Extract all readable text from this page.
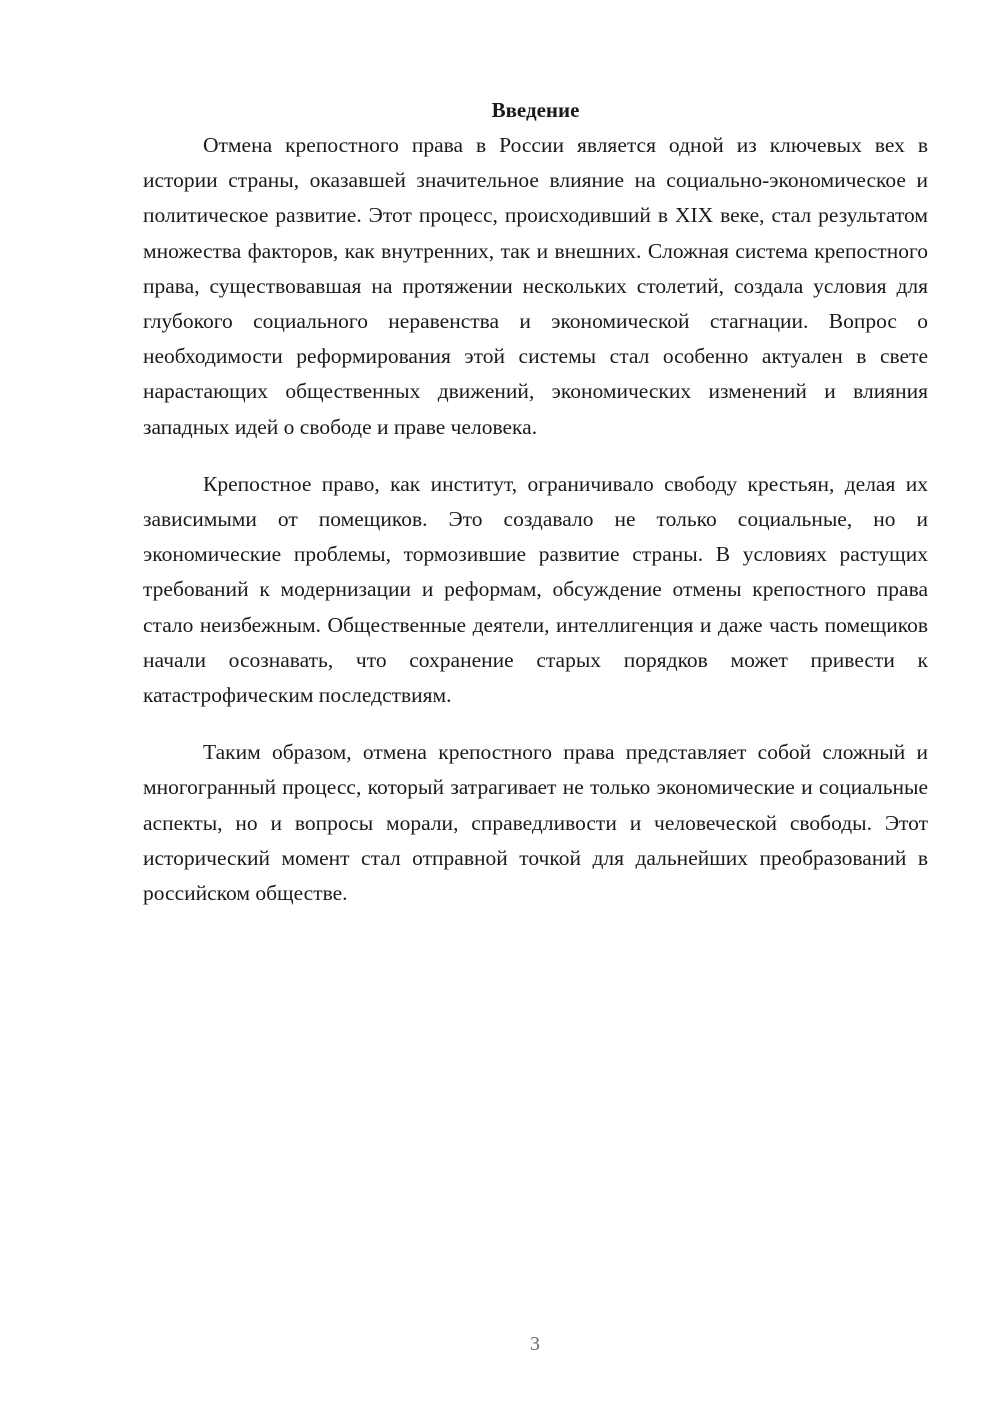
Введение

Отмена крепостного права в России является одной из ключевых вех в истории страны, оказавшей значительное влияние на социально-экономическое и политическое развитие. Этот процесс, происходивший в XIX веке, стал результатом множества факторов, как внутренних, так и внешних. Сложная система крепостного права, существовавшая на протяжении нескольких столетий, создала условия для глубокого социального неравенства и экономической стагнации. Вопрос о необходимости реформирования этой системы стал особенно актуален в свете нарастающих общественных движений, экономических изменений и влияния западных идей о свободе и праве человека.

Крепостное право, как институт, ограничивало свободу крестьян, делая их зависимыми от помещиков. Это создавало не только социальные, но и экономические проблемы, тормозившие развитие страны. В условиях растущих требований к модернизации и реформам, обсуждение отмены крепостного права стало неизбежным. Общественные деятели, интеллигенция и даже часть помещиков начали осознавать, что сохранение старых порядков может привести к катастрофическим последствиям.

Таким образом, отмена крепостного права представляет собой сложный и многогранный процесс, который затрагивает не только экономические и социальные аспекты, но и вопросы морали, справедливости и человеческой свободы. Этот исторический момент стал отправной точкой для дальнейших преобразований в российском обществе.

3
